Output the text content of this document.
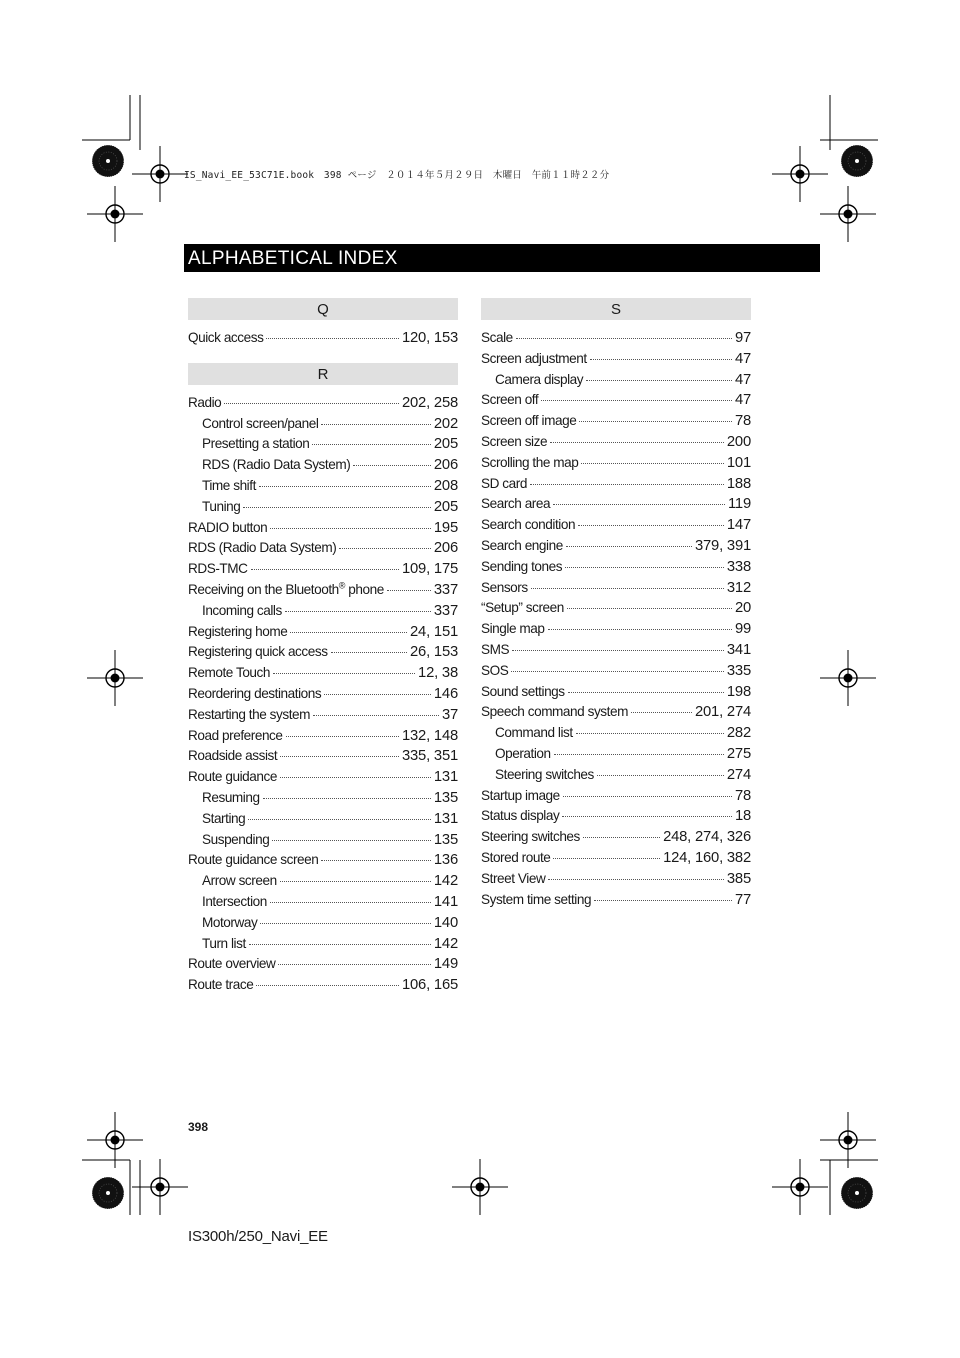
IS_Navi_EE_53C71E.book　398 ページ　２０１４年５月２９日　木曜日　午前１１時２２分
ALPHABETICAL INDEX
Q
Quick access	120, 153
R
Radio	202, 258
Control screen/panel	202
Presetting a station	205
RDS (Radio Data System)	206
Time shift	208
Tuning	205
RADIO button	195
RDS (Radio Data System)	206
RDS-TMC	109, 175
Receiving on the Bluetooth® phone	337
Incoming calls	337
Registering home	24, 151
Registering quick access	26, 153
Remote Touch	12, 38
Reordering destinations	146
Restarting the system	37
Road preference	132, 148
Roadside assist	335, 351
Route guidance	131
Resuming	135
Starting	131
Suspending	135
Route guidance screen	136
Arrow screen	142
Intersection	141
Motorway	140
Turn list	142
Route overview	149
Route trace	106, 165
S
Scale	97
Screen adjustment	47
Camera display	47
Screen off	47
Screen off image	78
Screen size	200
Scrolling the map	101
SD card	188
Search area	119
Search condition	147
Search engine	379, 391
Sending tones	338
Sensors	312
“Setup” screen	20
Single map	99
SMS	341
SOS	335
Sound settings	198
Speech command system	201, 274
Command list	282
Operation	275
Steering switches	274
Startup image	78
Status display	18
Steering switches	248, 274, 326
Stored route	124, 160, 382
Street View	385
System time setting	77
398
IS300h/250_Navi_EE
